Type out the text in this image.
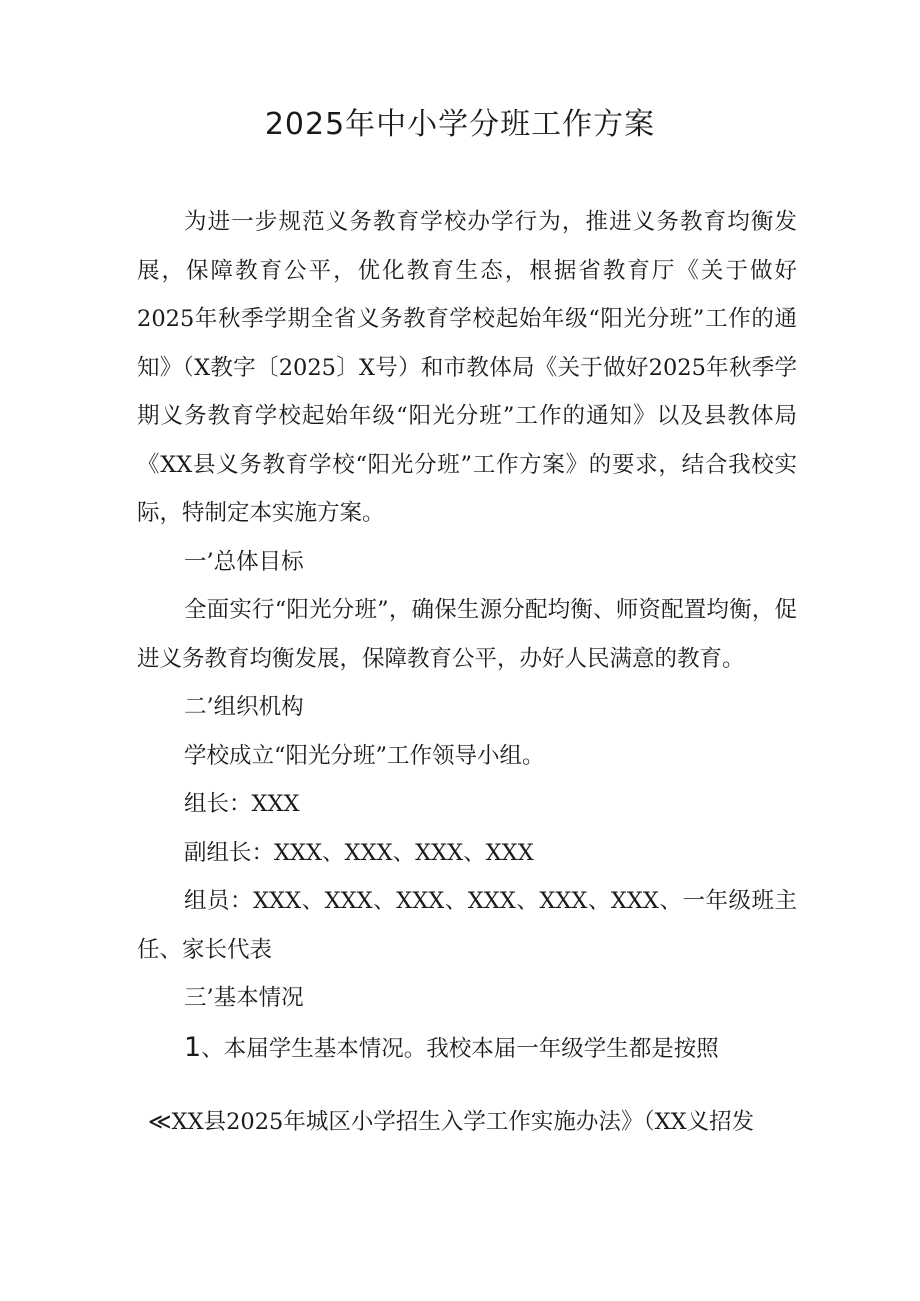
2025年中小学分班工作方案

为进一步规范义务教育学校办学行为，推进义务教育均衡发展，保障教育公平，优化教育生态，根据省教育厅《关于做好2025年秋季学期全省义务教育学校起始年级“阳光分班”工作的通知》（X教字〔2025〕X号）和市教体局《关于做好2025年秋季学期义务教育学校起始年级“阳光分班”工作的通知》以及县教体局《XX县义务教育学校“阳光分班”工作方案》的要求，结合我校实际，特制定本实施方案。

一’总体目标

全面实行“阳光分班”，确保生源分配均衡、师资配置均衡，促进义务教育均衡发展，保障教育公平，办好人民满意的教育。

二’组织机构

学校成立“阳光分班”工作领导小组。

组长：XXX

副组长：XXX、XXX、XXX、XXX

组员：XXX、XXX、XXX、XXX、XXX、XXX、一年级班主任、家长代表

三’基本情况

1、本届学生基本情况。我校本届一年级学生都是按照
≪XX县2025年城区小学招生入学工作实施办法》（XX义招发
